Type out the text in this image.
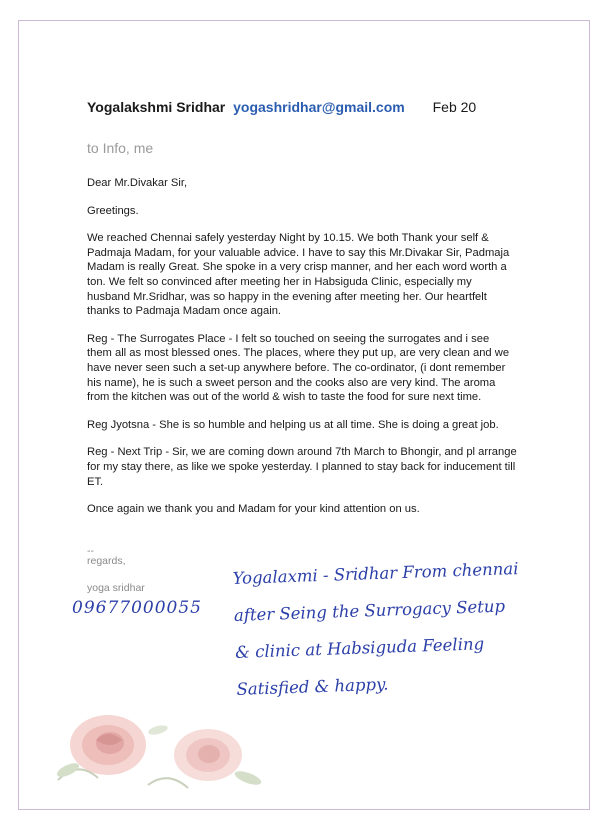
Yogalakshmi Sridhar yogashridhar@gmail.com Feb 20
to Info, me

Dear Mr.Divakar Sir,

Greetings.

We reached Chennai safely yesterday Night by 10.15. We both Thank your self & Padmaja Madam, for your valuable advice. I have to say this Mr.Divakar Sir, Padmaja Madam is really Great. She spoke in a very crisp manner, and her each word worth a ton. We felt so convinced after meeting her in Habsiguda Clinic, especially my husband Mr.Sridhar, was so happy in the evening after meeting her. Our heartfelt thanks to Padmaja Madam once again.

Reg - The Surrogates Place - I felt so touched on seeing the surrogates and i see them all as most blessed ones. The places, where they put up, are very clean and we have never seen such a set-up anywhere before. The co-ordinator, (i dont remember his name), he is such a sweet person and the cooks also are very kind. The aroma from the kitchen was out of the world & wish to taste the food for sure next time.

Reg Jyotsna - She is so humble and helping us at all time. She is doing a great job.

Reg - Next Trip - Sir, we are coming down around 7th March to Bhongir, and pl arrange for my stay there, as like we spoke yesterday. I planned to stay back for inducement till ET.

Once again we thank you and Madam for your kind attention on us.

--
regards,
yoga sridhar
09677000055
Yogalaxmi - Sridhar From chennai
after Seing the Surrogacy Setup
& clinic at Habsiguda Feeling
Satisfied & happy.
